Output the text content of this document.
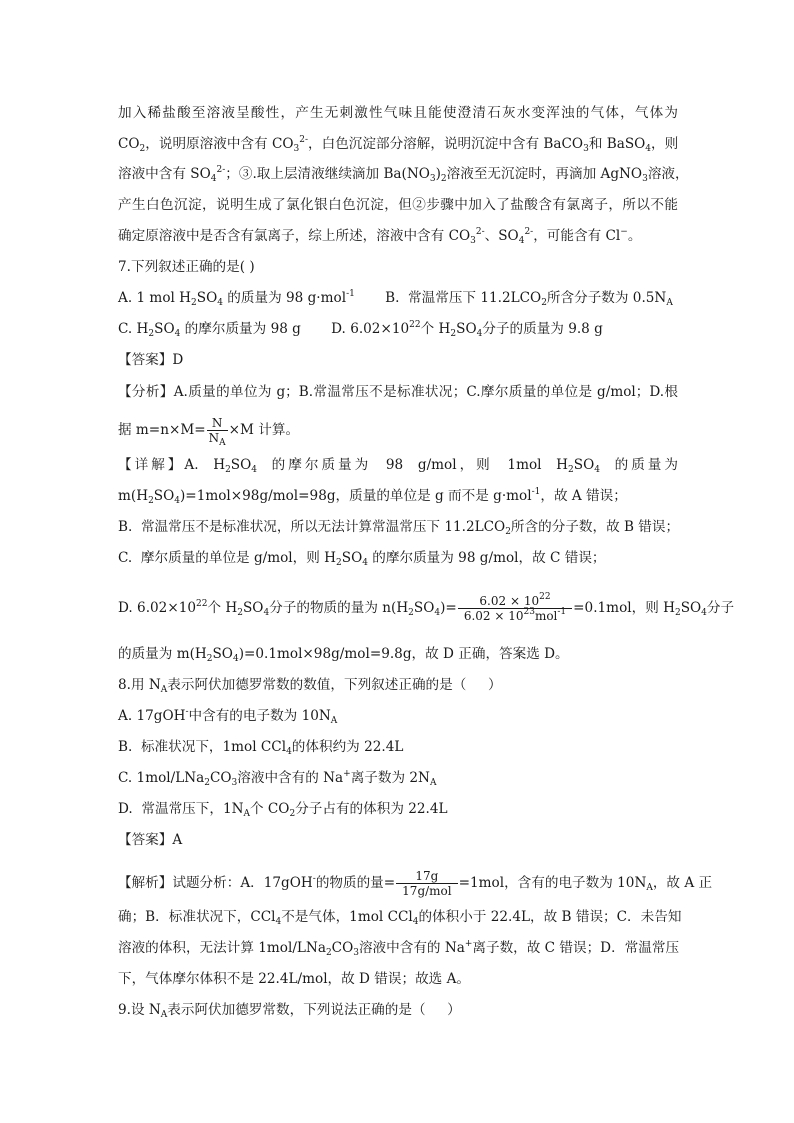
加入稀盐酸至溶液呈酸性，产生无刺激性气味且能使澄清石灰水变浑浊的气体，气体为
$CO_2$，说明原溶液中含有 $CO_3^{2-}$，白色沉淀部分溶解，说明沉淀中含有 BaCO$_3$和 BaSO$_4$，则
溶液中含有 $SO_4^{2-}$；③.取上层清液继续滴加 $Ba(NO_3)_2$溶液至无沉淀时，再滴加 AgNO$_3$溶液，
产生白色沉淀，说明生成了氯化银白色沉淀，但②步骤中加入了盐酸含有氯离子，所以不能
确定原溶液中是否含有氯离子，综上所述，溶液中含有 $CO_3^{2-}$、$SO_4^{2-}$，可能含有 Cl−。
7.下列叙述正确的是( )
A. 1 mol $H_2SO_4$ 的质量为 98 g·mol$^{-1}$       B.  常温常压下 $11.2LCO_2$所含分子数为 $0.5N_A$
C. $H_2SO_4$ 的摩尔质量为 98 g       D. $6.02\times 10^{22}$个 $H_2SO_4$分子的质量为 9.8 g
【答案】D
【分析】A.质量的单位为 g；B.常温常压不是标准状况；C.摩尔质量的单位是 g/mol；D.根
据 $m=n\times M= \frac{N}{N_A} \times M$ 计算。
【详解】A.  $H_2SO_4$  的摩尔质量为  98  g/mol，则  1mol  $H_2SO_4$  的质量为
$m(H_2SO_4)=1mol\times 98g/mol=98g$，质量的单位是 g 而不是 g·mol$^{-1}$，故 A 错误；
B.  常温常压不是标准状况，所以无法计算常温常压下 $11.2LCO_2$所含的分子数，故 B 错误；
C.  摩尔质量的单位是 g/mol，则 $H_2SO_4$ 的摩尔质量为 98 g/mol，故 C 错误；
D. $6.02\times 10^{22}$个 $H_2SO_4$分子的物质的量为 $n(H_2SO_4)= \frac{6.02 \times 10^{22}}{6.02 \times 10^{23}mol^{-1}} =0.1mol$，则 $H_2SO_4$分子
的质量为 $m(H_2SO_4)=0.1mol\times 98g/mol=9.8g$，故 D 正确，答案选 D。
8.用 $N_A$表示阿伏加德罗常数的数值，下列叙述正确的是（     ）
A. 17gOH-中含有的电子数为 $10N_A$
B.  标准状况下，1mol CCl$_4$的体积约为 22.4L
C. $1mol/LNa_2CO_3$溶液中含有的 Na+离子数为 $2N_A$
D.  常温常压下，$1N_A$个 $CO_2$分子占有的体积为 22.4L
【答案】A
【解析】试题分析：A．17gOH-的物质的量= $\frac{17g}{\text{17g/mol}} =1mol$，含有的电子数为 $10N_A$，故 A 正
确；B．标准状况下，CCl$_4$不是气体，1mol CCl$_4$的体积小于 22.4L，故 B 错误；C．未告知
溶液的体积，无法计算 $1mol/LNa_2CO_3$溶液中含有的 Na+离子数，故 C 错误；D．常温常压
下，气体摩尔体积不是 22.4L/mol，故 D 错误；故选 A。
9.设 $N_A$表示阿伏加德罗常数，下列说法正确的是（     ）
